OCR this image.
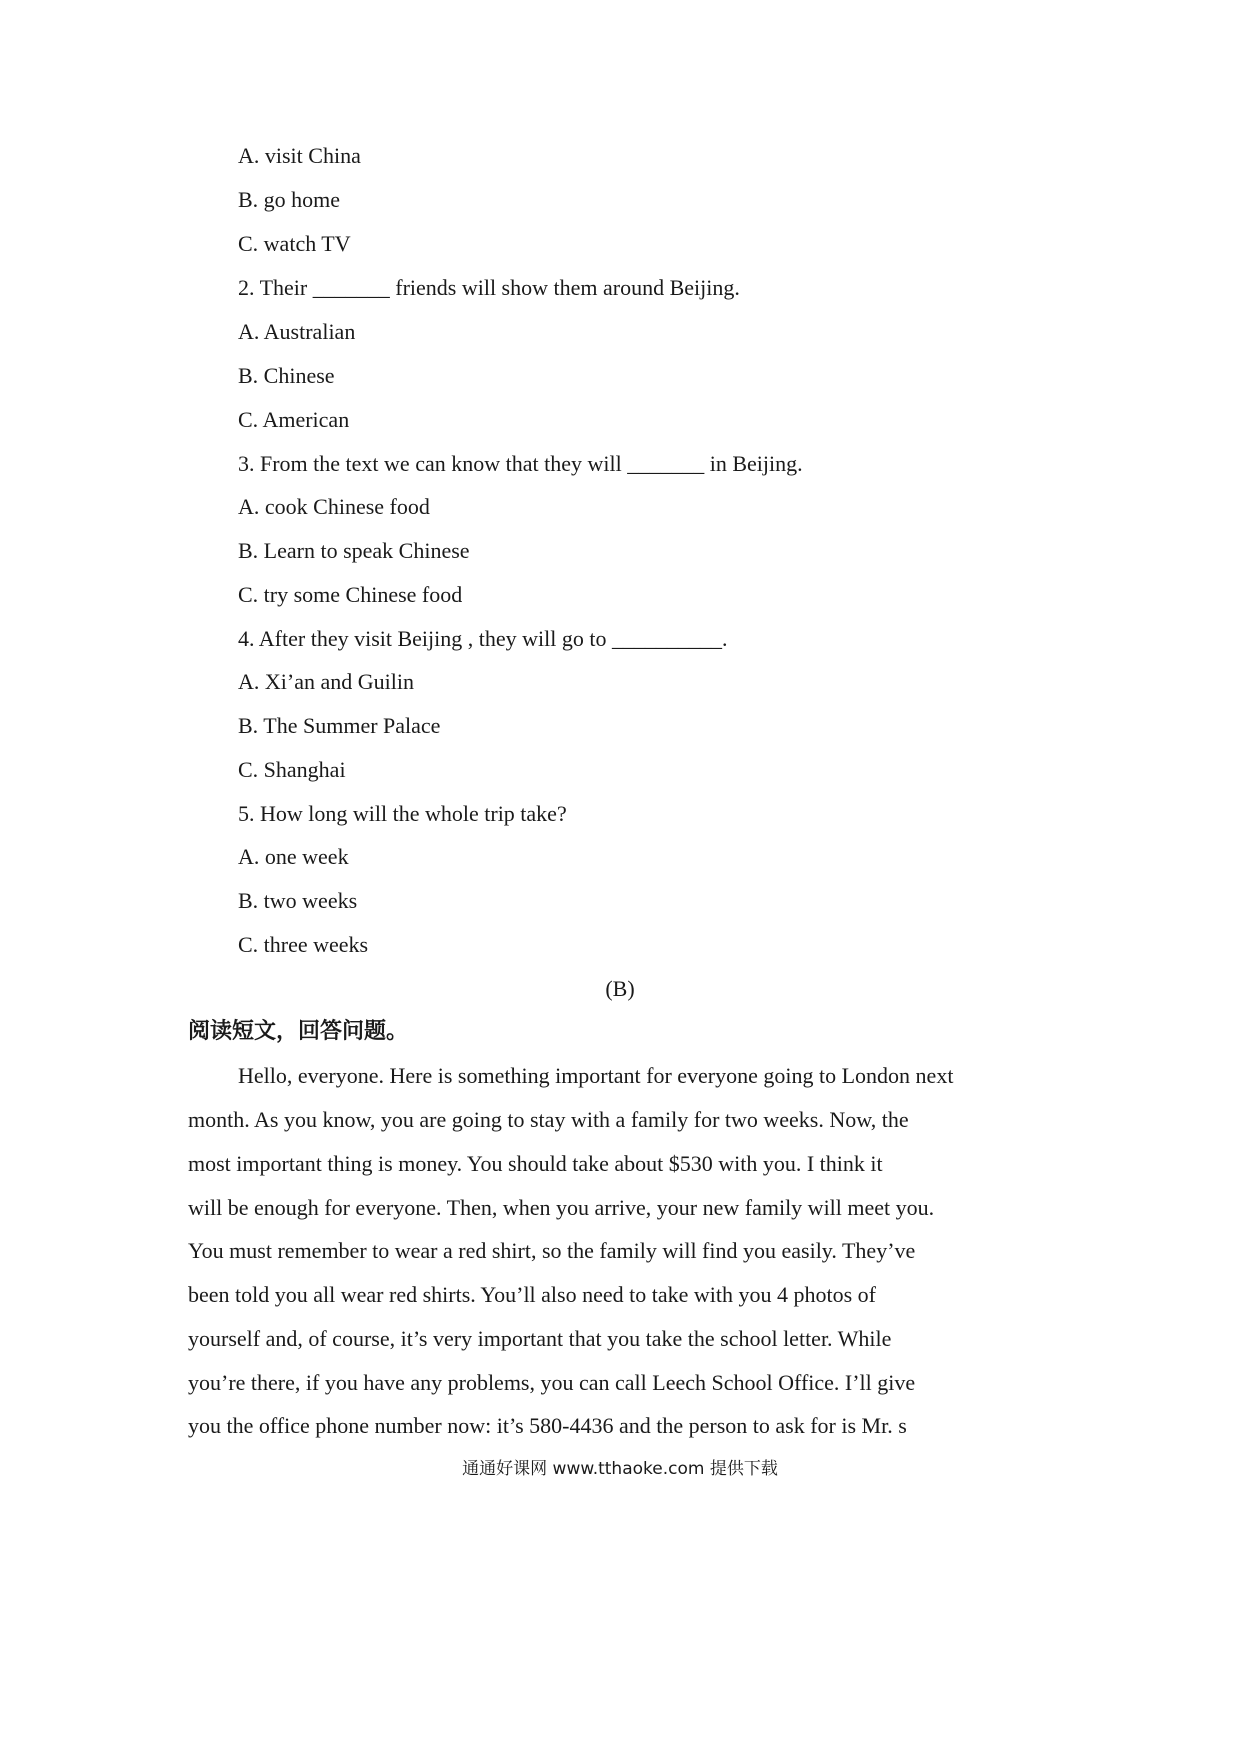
A. visit China
B. go home
C. watch TV
2. Their _______ friends will show them around Beijing.
A. Australian
B. Chinese
C. American
3. From the text we can know that they will _______ in Beijing.
A. cook Chinese food
B. Learn to speak Chinese
C. try some Chinese food
4. After they visit Beijing , they will go to __________.
A. Xi’an and Guilin
B. The Summer Palace
C. Shanghai
5. How long will the whole trip take?
A. one week
B. two weeks
C. three weeks
(B)
阅读短文，回答问题。
Hello, everyone. Here is something important for everyone going to London next
month. As you know, you are going to stay with a family for two weeks. Now, the
most important thing is money. You should take about $530 with you. I think it
will be enough for everyone. Then, when you arrive, your new family will meet you.
You must remember to wear a red shirt, so the family will find you easily. They’ve
been told you all wear red shirts. You’ll also need to take with you 4 photos of
yourself and, of course, it’s very important that you take the school letter. While
you’re there, if you have any problems, you can call Leech School Office. I’ll give
you the office phone number now: it’s 580-4436 and the person to ask for is Mr. s
通通好课网 www.tthaoke.com 提供下载
